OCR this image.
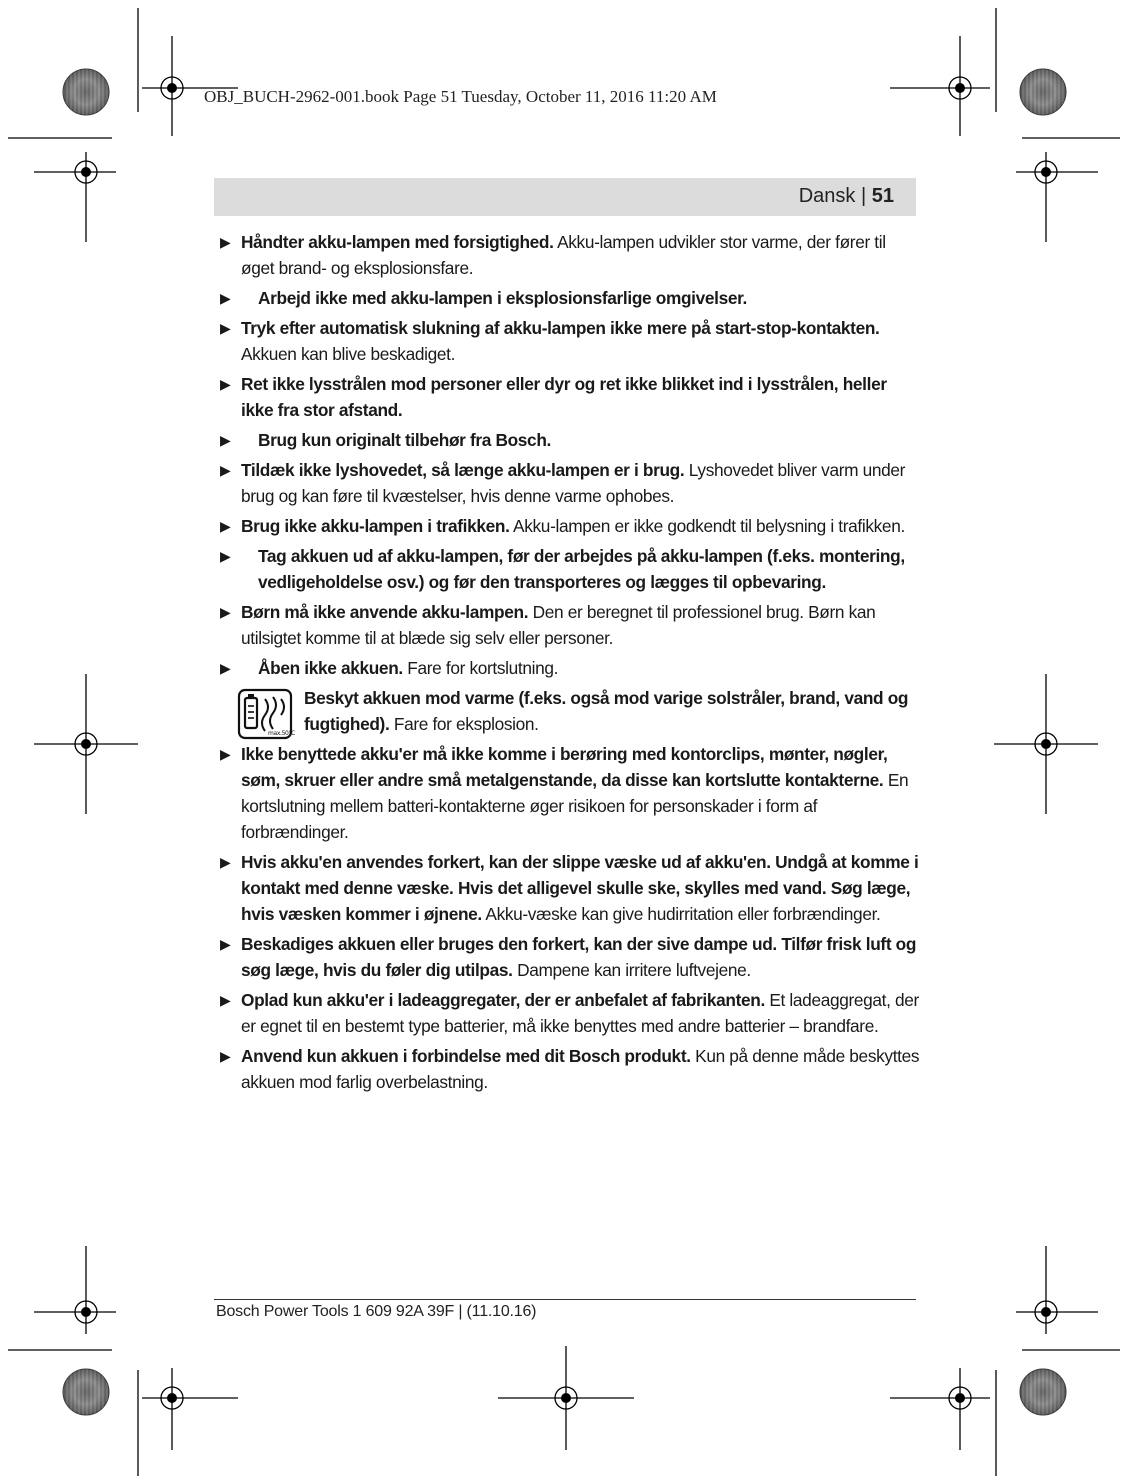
OBJ_BUCH-2962-001.book Page 51 Tuesday, October 11, 2016 11:20 AM
Dansk | 51
▶ Håndter akku-lampen med forsigtighed. Akku-lampen udvikler stor varme, der fører til øget brand- og eksplosionsfare.
▶ Arbejd ikke med akku-lampen i eksplosionsfarlige omgivelser.
▶ Tryk efter automatisk slukning af akku-lampen ikke mere på start-stop-kontakten. Akkuen kan blive beskadiget.
▶ Ret ikke lysstrålen mod personer eller dyr og ret ikke blikket ind i lysstrålen, heller ikke fra stor afstand.
▶ Brug kun originalt tilbehør fra Bosch.
▶ Tildæk ikke lyshovedet, så længe akku-lampen er i brug. Lyshovedet bliver varm under brug og kan føre til kvæstelser, hvis denne varme ophobes.
▶ Brug ikke akku-lampen i trafikken. Akku-lampen er ikke godkendt til belysning i trafikken.
▶ Tag akkuen ud af akku-lampen, før der arbejdes på akku-lampen (f.eks. montering, vedligeholdelse osv.) og før den transporteres og lægges til opbevaring.
▶ Børn må ikke anvende akku-lampen. Den er beregnet til professionel brug. Børn kan utilsigtet komme til at blæde sig selv eller personer.
▶ Åben ikke akkuen. Fare for kortslutning.
max.50°C
Beskyt akkuen mod varme (f.eks. også mod varige solstråler, brand, vand og fugtighed). Fare for eksplosion.
▶ Ikke benyttede akku'er må ikke komme i berøring med kontorclips, mønter, nøgler, søm, skruer eller andre små metalgenstande, da disse kan kortslutte kontakterne. En kortslutning mellem batteri-kontakterne øger risikoen for personskader i form af forbrændinger.
▶ Hvis akku'en anvendes forkert, kan der slippe væske ud af akku'en. Undgå at komme i kontakt med denne væske. Hvis det alligevel skulle ske, skylles med vand. Søg læge, hvis væsken kommer i øjnene. Akku-væske kan give hudirritation eller forbrændinger.
▶ Beskadiges akkuen eller bruges den forkert, kan der sive dampe ud. Tilfør frisk luft og søg læge, hvis du føler dig utilpas. Dampene kan irritere luftvejene.
▶ Oplad kun akku'er i ladeaggregater, der er anbefalet af fabrikanten. Et ladeaggregat, der er egnet til en bestemt type batterier, må ikke benyttes med andre batterier – brandfare.
▶ Anvend kun akkuen i forbindelse med dit Bosch produkt. Kun på denne måde beskyttes akkuen mod farlig overbelastning.
Bosch Power Tools 1 609 92A 39F | (11.10.16)
